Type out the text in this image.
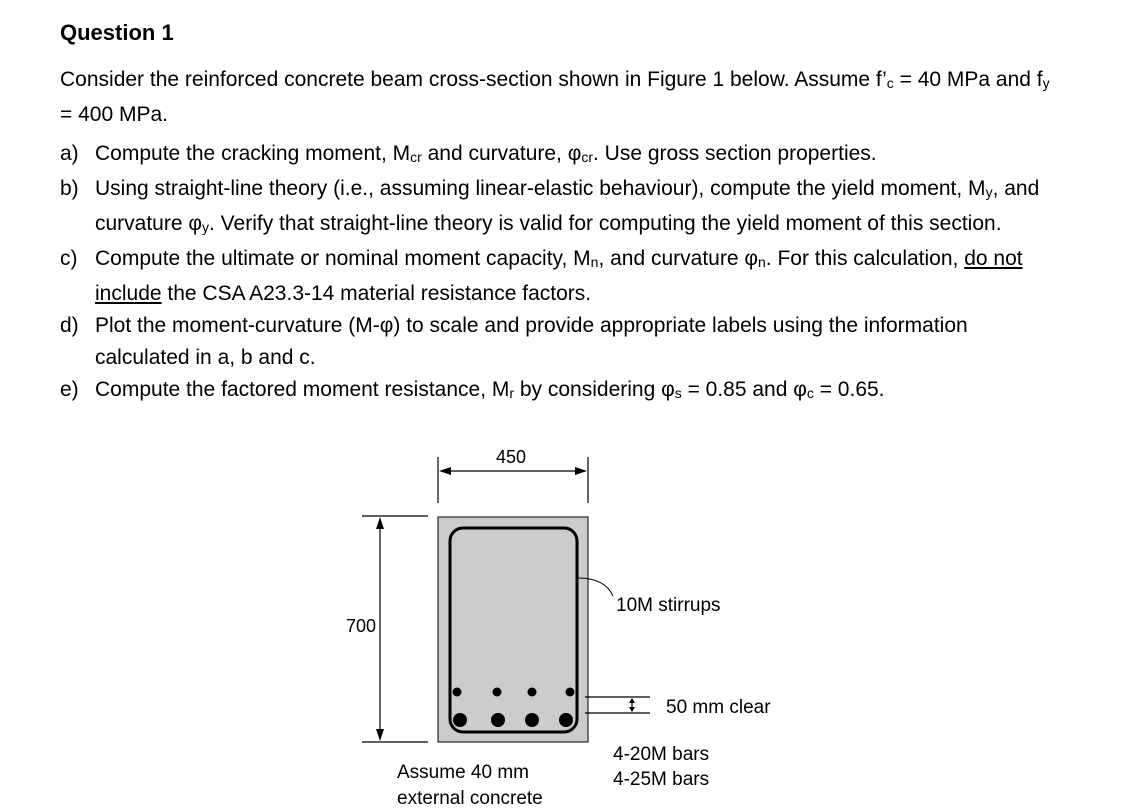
Question 1
Consider the reinforced concrete beam cross-section shown in Figure 1 below. Assume f’c = 40 MPa and fy = 400 MPa.
a) Compute the cracking moment, Mcr and curvature, φcr. Use gross section properties.
b) Using straight-line theory (i.e., assuming linear-elastic behaviour), compute the yield moment, My, and curvature φy. Verify that straight-line theory is valid for computing the yield moment of this section.
c) Compute the ultimate or nominal moment capacity, Mn, and curvature φn. For this calculation, do not include the CSA A23.3-14 material resistance factors.
d) Plot the moment-curvature (M-φ) to scale and provide appropriate labels using the information calculated in a, b and c.
e) Compute the factored moment resistance, Mr by considering φs = 0.85 and φc = 0.65.
450
700
10M stirrups
50 mm clear
4-20M bars
4-25M bars
Assume 40 mm
external concrete
